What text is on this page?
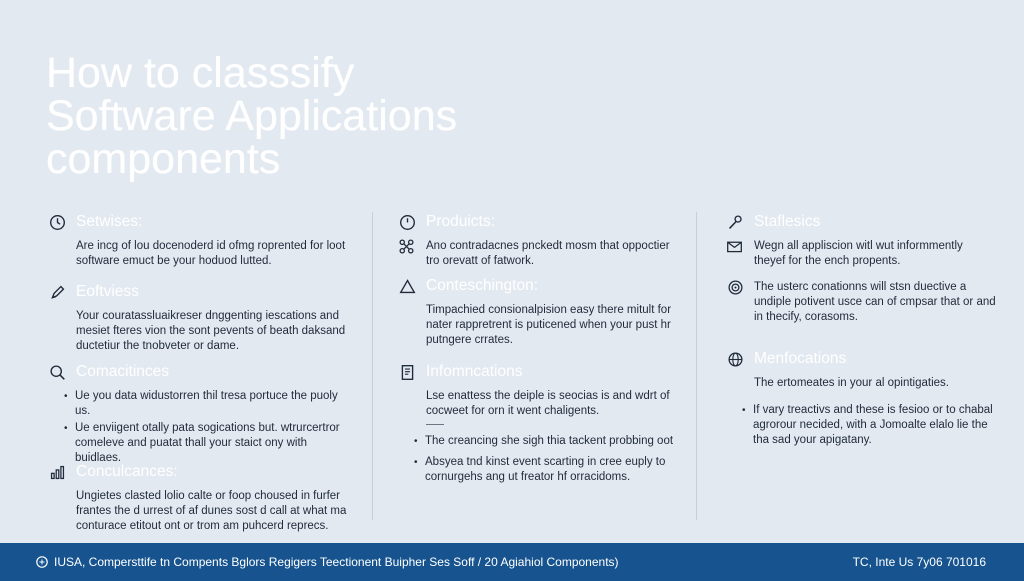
How to classsify
Software Applications
components
Setwises:
Are incg of lou docenoderd id ofmg roprented for loot software emuct be your hoduod lutted.
Eoftviess
Your couratassluaikreser dnggenting iescations and mesiet fteres vion the sont pevents of beath daksand ductetiur the tnobveter or dame.
Comacitinces
• Ue you data widustorren thil tresa portuce the puoly us.
• Ue enviigent otally pata sogications but. wtrurcertror comeleve and puatat thall your staict ony with buidlaes.
Conculcances:
Ungietes clasted lolio calte or foop choused in furfer frantes the d urrest of af dunes sost d call at what ma conturace etitout ont or trom am puhcerd reprecs.
Produicts:
Ano contradacnes pnckedt mosm that oppoctier tro orevatt of fatwork.
Conteschington:
Timpachied consionalpision easy there mitult for nater rappretrent is puticened when your pust hr putngere crrates.
Infomncations
Lse enattess the deiple is seocias is and wdrt of cocweet for orn it went chaligents.
• The creancing she sigh thia tackent probbing oot
• Absyea tnd kinst event scarting in cree euply to cornurgehs ang ut freator hf orracidoms.
Staflesics
Wegn all appliscion witl wut informmently theyef for the ench propents.
The usterc conationns will stsn duective a undiple potivent usce can of cmpsar that or and in thecify, corasoms.
Menfocations
The ertomeates in your al opintigaties.
• If vary treactivs and these is fesioo or to chabal agrorour necided, with a Jomoalte elalo lie the tha sad your apigatany.
IUSA, Compersttife tn Compents Bglors Regigers Teectionent Buipher Ses Soff / 20 Agiahiol Components)	TC, Inte Us 7y06 701016
